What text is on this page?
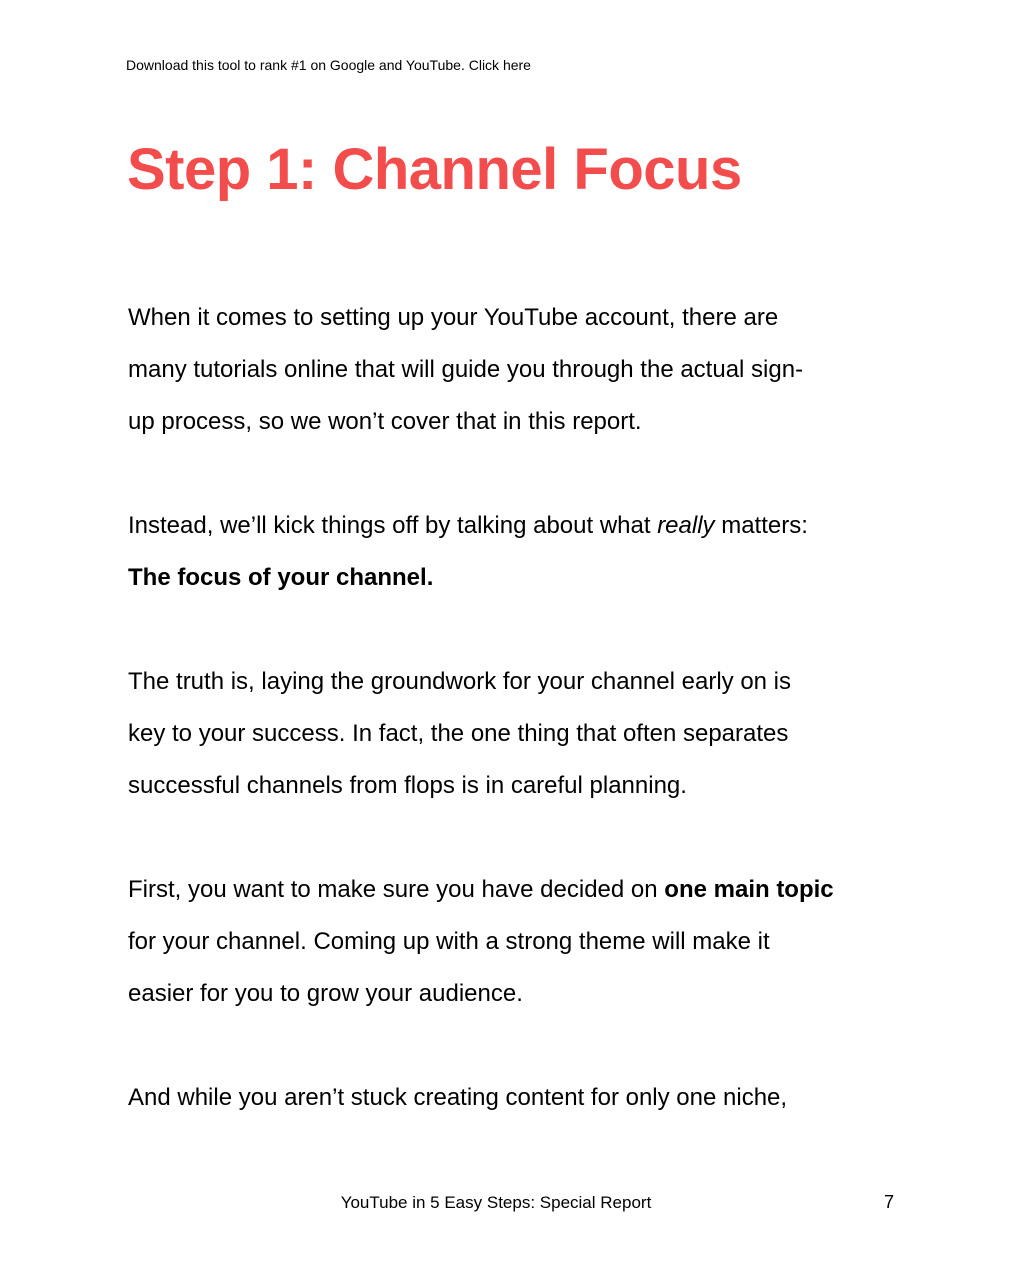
Download this tool to rank #1 on Google and YouTube. Click here
Step 1: Channel Focus

When it comes to setting up your YouTube account, there are
many tutorials online that will guide you through the actual sign-
up process, so we won’t cover that in this report.

Instead, we’ll kick things off by talking about what really matters:
The focus of your channel.

The truth is, laying the groundwork for your channel early on is
key to your success. In fact, the one thing that often separates
successful channels from flops is in careful planning.

First, you want to make sure you have decided on one main topic
for your channel. Coming up with a strong theme will make it
easier for you to grow your audience.

And while you aren’t stuck creating content for only one niche,

YouTube in 5 Easy Steps: Special Report	7
